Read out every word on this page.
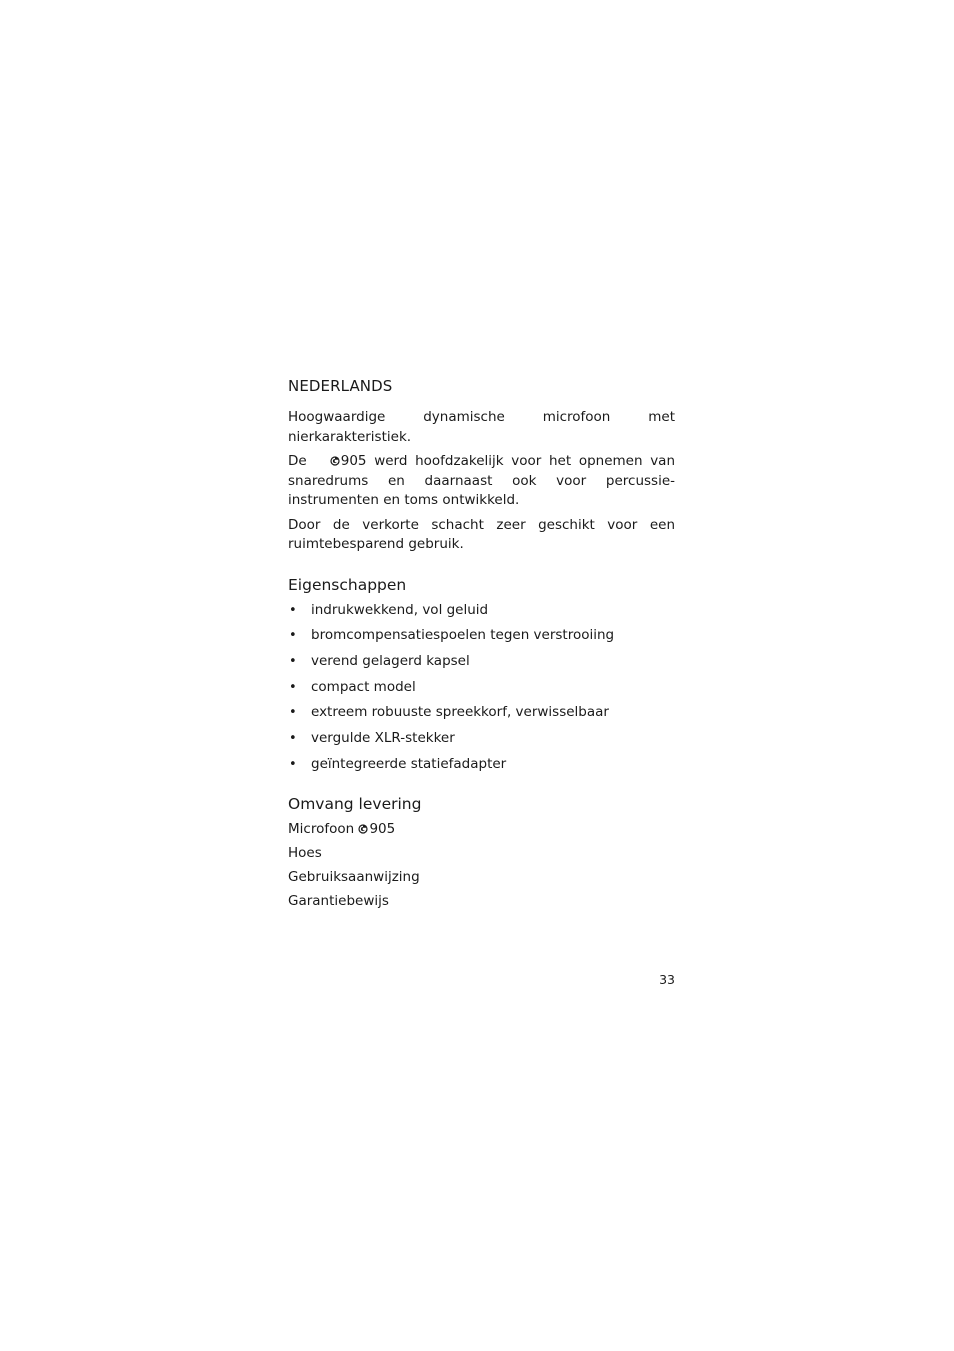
NEDERLANDS
Hoogwaardige dynamische microfoon met
nierkarakteristiek.
De	905 werd hoofdzakelijk voor het opnemen van snaredrums en daarnaast ook voor percussie-instrumenten en toms ontwikkeld.
Door de verkorte schacht zeer geschikt voor een ruimtebesparend gebruik.
Eigenschappen
• indrukwekkend, vol geluid
• bromcompensatiespoelen tegen verstrooiing
• verend gelagerd kapsel
• compact model
• extreem robuuste spreekkorf, verwisselbaar
• vergulde XLR-stekker
• geïntegreerde statiefadapter
Omvang levering
Microfoon 905
Hoes
Gebruiksaanwijzing
Garantiebewijs
33
